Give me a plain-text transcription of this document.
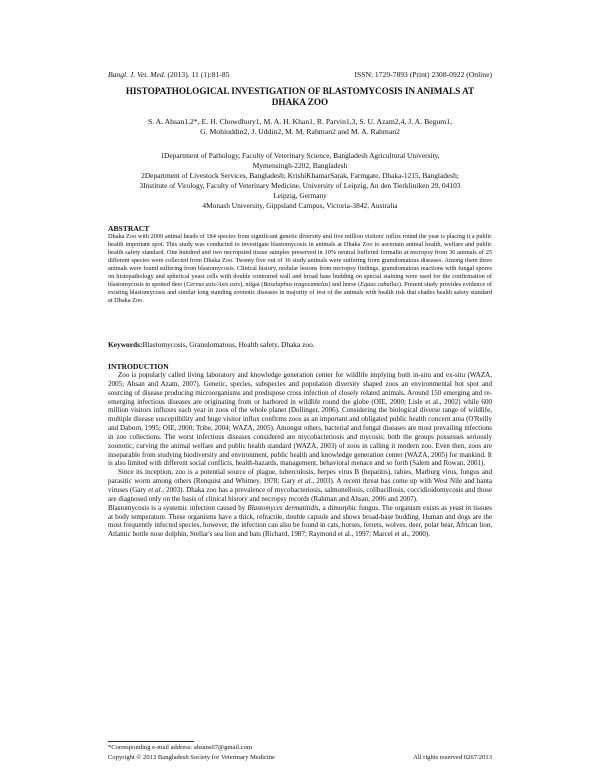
Bangl. J. Vet. Med. (2013). 11 (1):81-85	ISSN: 1729-7893 (Print) 2308-0922 (Online)
HISTOPATHOLOGICAL INVESTIGATION OF BLASTOMYCOSIS IN ANIMALS AT DHAKA ZOO
S. A. Ahsan1,2*, E. H. Chowdhury1, M. A. H. Khan1, R. Parvin1,3, S. U. Azam2,4, J. A. Begum1,
G. Mohiuddin2, J. Uddin2, M. M. Rahman2 and M. A. Rahman2
1Department of Pathology, Faculty of Veterinary Science, Bangladesh Agricultural University,
Mymensingh-2202, Bangladesh
2Department of Livestock Services, Bangladesh; KrishiKhamarSarak, Farmgate, Dhaka-1215, Bangladesh;
3Institute of Virology, Faculty of Veterinary Medicine, University of Leipzig, An den Tierkliniken 29, 04103
Leipzig, Germany
4Monash University, Gippsland Campus, Victoria-3842, Australia
ABSTRACT
Dhaka Zoo with 2000 animal heads of 184 species from significant genetic diversity and five million visitors' influx round the year is placing it a public health important spot. This study was conducted to investigate blastomycosis in animals at Dhaka Zoo to ascertain animal health, welfare and public health safety standard. One hundred and two necropsied tissue samples preserved in 10% neutral buffered formalin at necropsy from 36 animals of 25 different species were collected from Dhaka Zoo. Twenty five out of 36 study animals were suffering from granulomatous diseases. Among them three animals were found suffering from blastomycosis. Clinical history, nodular lesions from necropsy findings, granulomatous reactions with fungal spores on histopathology and spherical yeast cells with double contoured wall and broad base budding on special staining were used for the confirmation of blastomycosis in spotted deer (Cervus axis/Axis axis), nilgai (Boselaphus tragocamelus) and horse (Equus caballus). Present study provides evidence of existing blastomycosis and similar long standing zoonotic diseases in majority of rest of the animals with health risk that shades health safety standard at Dhaka Zoo.
Keywords:Blastomycosis, Granulomatous, Health safety, Dhaka zoo.
INTRODUCTION

Zoo is popularly called living laboratory and knowledge generation center for wildlife implying both in-situ and ex-situ (WAZA, 2005; Ahsan and Azam, 2007). Genetic, species, subspecies and population diversity shaped zoos an environmental hot spot and sourcing of disease producing microorganisms and predispose cross infection of closely related animals. Around 150 emerging and re-emerging infectious diseases are originating from or harbored in wildlife round the globe (OIE, 2000; Lisle et al., 2002) while 600 million visitors influxes each year in zoos of the whole planet (Dollinger, 2006). Considering the biological diverse range of wildlife, multiple disease susceptibility and huge visitor influx confirms zoos as an important and obligated public health concern area (O'Reilly and Daborn, 1995; OIE, 2000; Tribe, 2004; WAZA, 2005). Amongst others, bacterial and fungal diseases are most prevailing infections in zoo collections. The worst infectious diseases considered are mycobacteriosis and mycosis; both the groups possesses seriously zoonotic, curving the animal welfare and public health standard (WAZA, 2003) of zoos in calling it modern zoo. Even then, zoos are inseparable from studying biodiversity and environment, public health and knowledge generation center (WAZA, 2005) for mankind. It is also limited with different social conflicts, health-hazards, management, behavioral menace and so forth (Salem and Rowan, 2001).

Since its inception, zoo is a potential source of plague, tuberculosis, herpes virus B (hepatitis), rabies, Marburg virus, fungus and parasitic worm among others (Renquist and Whitney, 1978; Gary et al., 2003). A recent threat has come up with West Nile and hanta viruses (Gary et al., 2003). Dhaka zoo has a prevalence of mycobacteriosis, salmonellosis, colibacillosis, coccidioidomycosis and those are diagnosed only on the basis of clinical history and necropsy records (Rahman and Ahsan, 2006 and 2007).

Blastomycosis is a systemic infection caused by Blastomyces dermatitidis, a dimorphic fungus. The organism exists as yeast in tissues at body temperature. These organisms have a thick, refractile, double capsule and shows broad-base budding. Human and dogs are the most frequently infected species, however, the infection can also be found in cats, horses, ferrets, wolves, deer, polar bear, African lion, Atlantic bottle nose dolphin, Stellar's sea lion and bats (Richard, 1987; Raymond et al., 1997; Marcel et al., 2000).

*Corresponding e-mail address: ahsans67@gmail.com
Copyright © 2013 Bangladesh Society for Veterinary Medicine	All rights reserved 0267/2013
